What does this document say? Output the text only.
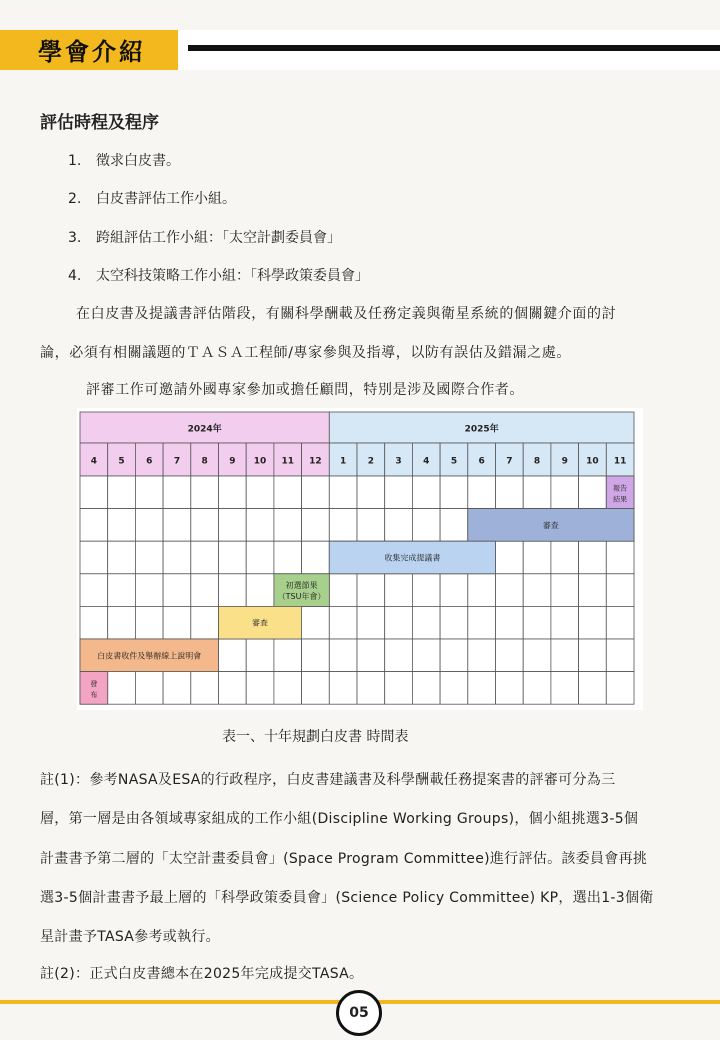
學會介紹
評估時程及程序
1. 徵求白皮書。
2. 白皮書評估工作小組。
3. 跨組評估工作小組：「太空計劃委員會」
4. 太空科技策略工作小組：「科學政策委員會」
在白皮書及提議書評估階段，有關科學酬載及任務定義與衛星系統的個關鍵介面的討
論，必須有相關議題的ＴＡＳＡ工程師/專家參與及指導，以防有誤估及錯漏之處。
評審工作可邀請外國專家參加或擔任顧問，特別是涉及國際合作者。
2024年	2025年
4 5 6 7 8 9 10 11 12 1 2 3 4 5 6 7 8 9 10 11
報告
結果
審查
收集完成提議書
初選節果
（TSU年會）
審查
白皮書收件及舉辦線上說明會
發
布
表一、十年規劃白皮書 時間表
註(1)：參考NASA及ESA的行政程序，白皮書建議書及科學酬載任務提案書的評審可分為三
層，第一層是由各領域專家組成的工作小組(Discipline Working Groups)，個小組挑選3-5個
計畫書予第二層的「太空計畫委員會」(Space Program Committee)進行評估。該委員會再挑
選3-5個計畫書予最上層的「科學政策委員會」(Science Policy Committee) KP，選出1-3個衛
星計畫予TASA參考或執行。
註(2)：正式白皮書總本在2025年完成提交TASA。
05
